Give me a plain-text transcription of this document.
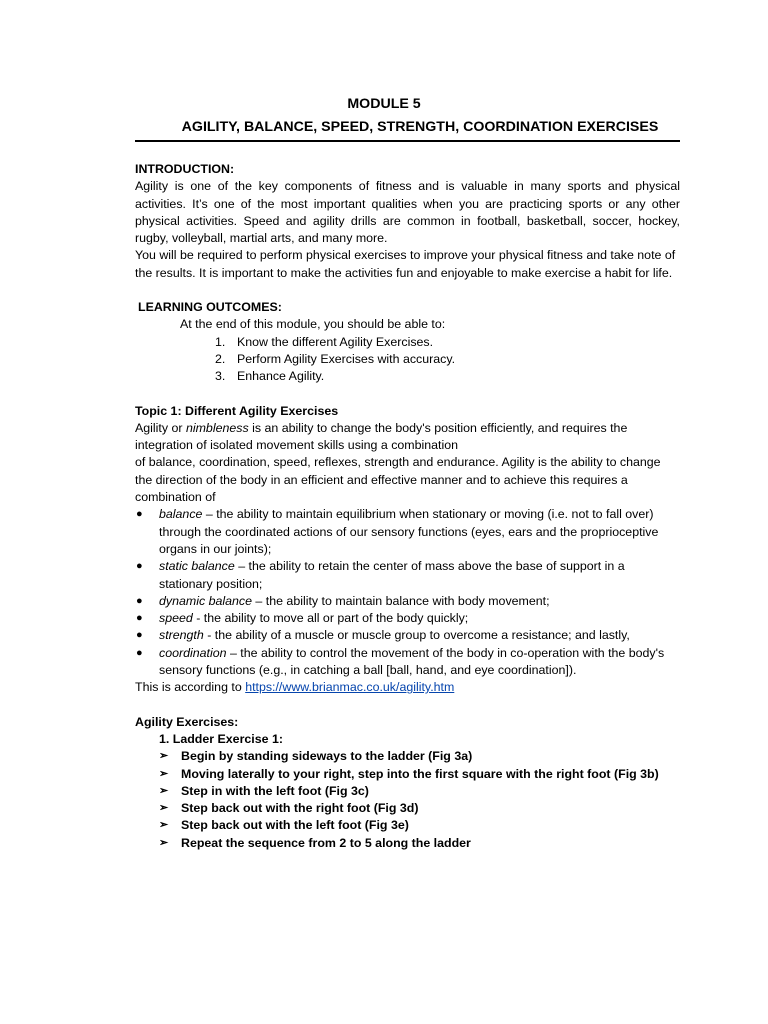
MODULE 5
AGILITY, BALANCE, SPEED, STRENGTH, COORDINATION EXERCISES

INTRODUCTION:

Agility is one of the key components of fitness and is valuable in many sports and physical activities. It’s one of the most important qualities when you are practicing sports or any other physical activities. Speed and agility drills are common in football, basketball, soccer, hockey, rugby, volleyball, martial arts, and many more.

You will be required to perform physical exercises to improve your physical fitness and take note of the results. It is important to make the activities fun and enjoyable to make exercise a habit for life.

LEARNING OUTCOMES:

At the end of this module, you should be able to:

1. Know the different Agility Exercises.
2. Perform Agility Exercises with accuracy.
3. Enhance Agility.

Topic 1: Different Agility Exercises

Agility or nimbleness is an ability to change the body's position efficiently, and requires the integration of isolated movement skills using a combination

of balance, coordination, speed, reflexes, strength and endurance. Agility is the ability to change the direction of the body in an efficient and effective manner and to achieve this requires a combination of

● balance – the ability to maintain equilibrium when stationary or moving (i.e. not to fall over) through the coordinated actions of our sensory functions (eyes, ears and the proprioceptive organs in our joints);
● static balance – the ability to retain the center of mass above the base of support in a stationary position;
● dynamic balance – the ability to maintain balance with body movement;
● speed - the ability to move all or part of the body quickly;
● strength - the ability of a muscle or muscle group to overcome a resistance; and lastly,
● coordination – the ability to control the movement of the body in co-operation with the body's sensory functions (e.g., in catching a ball [ball, hand, and eye coordination]).

This is according to https://www.brianmac.co.uk/agility.htm

Agility Exercises:

1. Ladder Exercise 1:

➢ Begin by standing sideways to the ladder (Fig 3a)
➢ Moving laterally to your right, step into the first square with the right foot (Fig 3b)
➢ Step in with the left foot (Fig 3c)
➢ Step back out with the right foot (Fig 3d)
➢ Step back out with the left foot (Fig 3e)
➢ Repeat the sequence from 2 to 5 along the ladder
